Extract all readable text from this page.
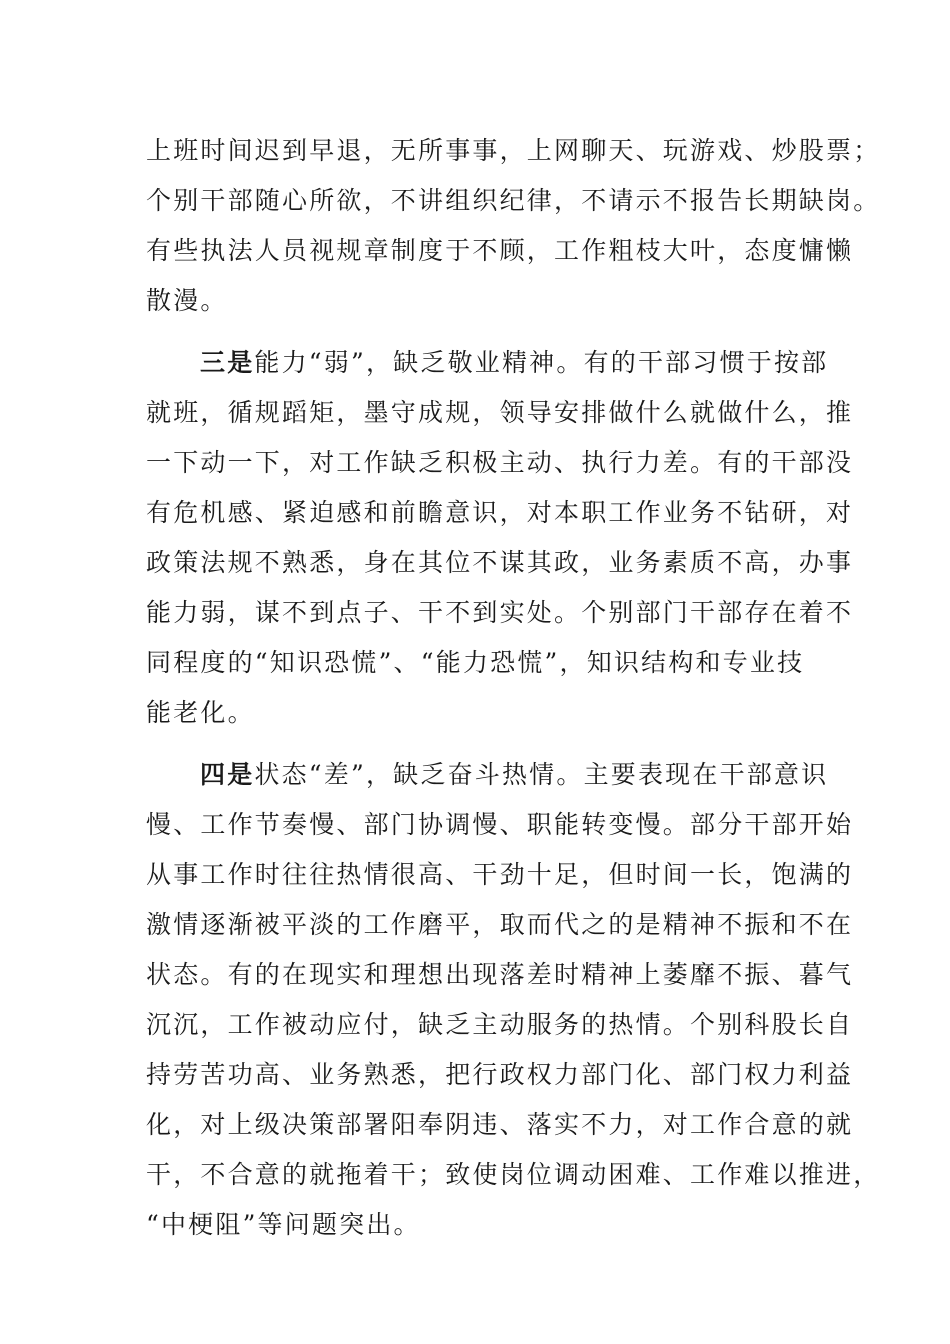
上班时间迟到早退，无所事事，上网聊天、玩游戏、炒股票；
个别干部随心所欲，不讲组织纪律，不请示不报告长期缺岗。
有些执法人员视规章制度于不顾，工作粗枝大叶，态度慵懒
散漫。
三是能力“弱”，缺乏敬业精神。有的干部习惯于按部
就班，循规蹈矩，墨守成规，领导安排做什么就做什么，推
一下动一下，对工作缺乏积极主动、执行力差。有的干部没
有危机感、紧迫感和前瞻意识，对本职工作业务不钻研，对
政策法规不熟悉，身在其位不谋其政，业务素质不高，办事
能力弱，谋不到点子、干不到实处。个别部门干部存在着不
同程度的“知识恐慌”、“能力恐慌”，知识结构和专业技
能老化。
四是状态“差”，缺乏奋斗热情。主要表现在干部意识
慢、工作节奏慢、部门协调慢、职能转变慢。部分干部开始
从事工作时往往热情很高、干劲十足，但时间一长，饱满的
激情逐渐被平淡的工作磨平，取而代之的是精神不振和不在
状态。有的在现实和理想出现落差时精神上萎靡不振、暮气
沉沉，工作被动应付，缺乏主动服务的热情。个别科股长自
持劳苦功高、业务熟悉，把行政权力部门化、部门权力利益
化，对上级决策部署阳奉阴违、落实不力，对工作合意的就
干，不合意的就拖着干；致使岗位调动困难、工作难以推进，
“中梗阻”等问题突出。
